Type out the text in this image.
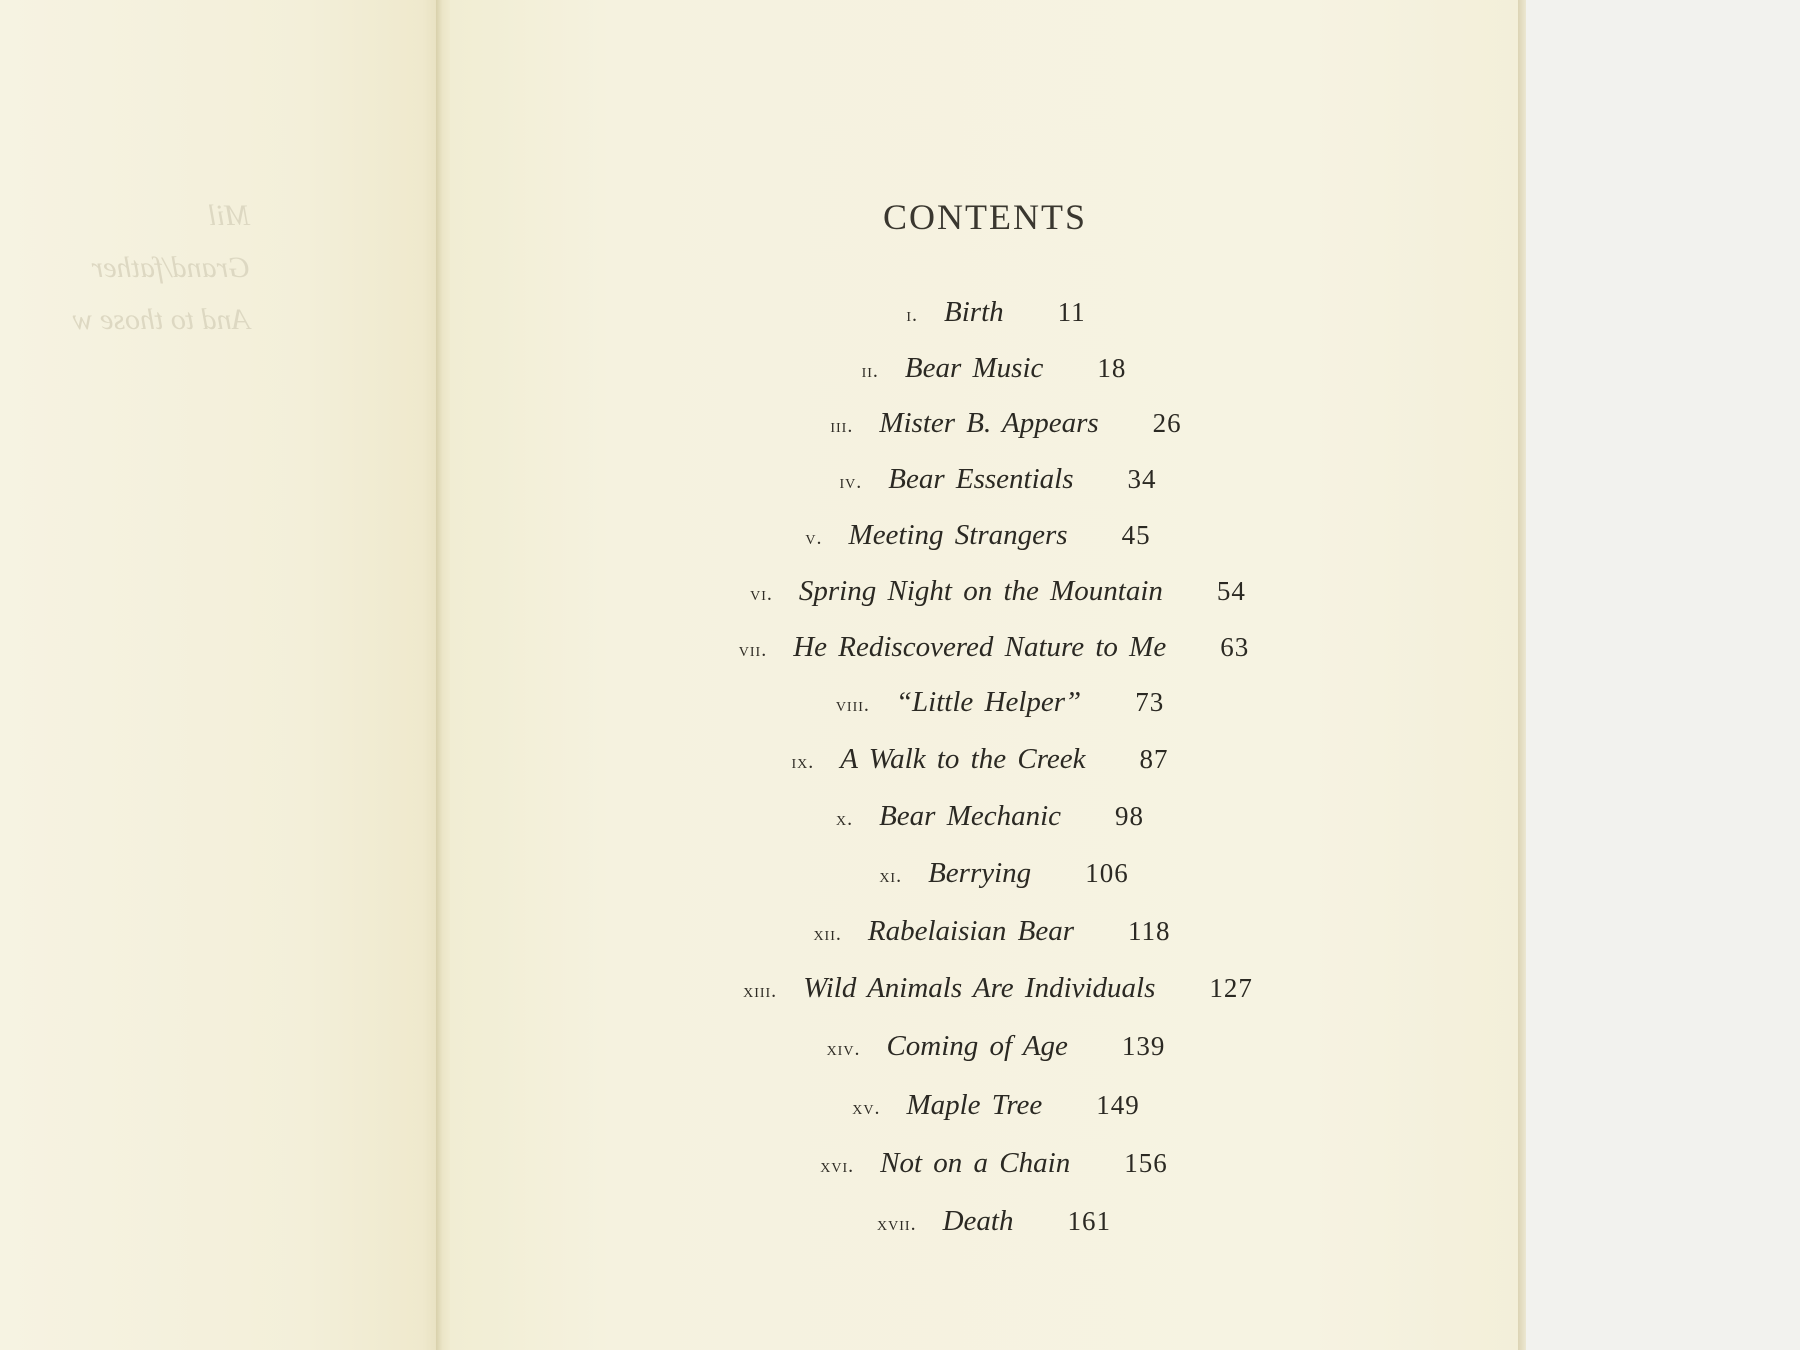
Mil
Grand/father
And to those w
CONTENTS
i. Birth 11
ii. Bear Music 18
iii. Mister B. Appears 26
iv. Bear Essentials 34
v. Meeting Strangers 45
vi. Spring Night on the Mountain 54
vii. He Rediscovered Nature to Me 63
viii. “Little Helper” 73
ix. A Walk to the Creek 87
x. Bear Mechanic 98
xi. Berrying 106
xii. Rabelaisian Bear 118
xiii. Wild Animals Are Individuals 127
xiv. Coming of Age 139
xv. Maple Tree 149
xvi. Not on a Chain 156
xvii. Death 161
